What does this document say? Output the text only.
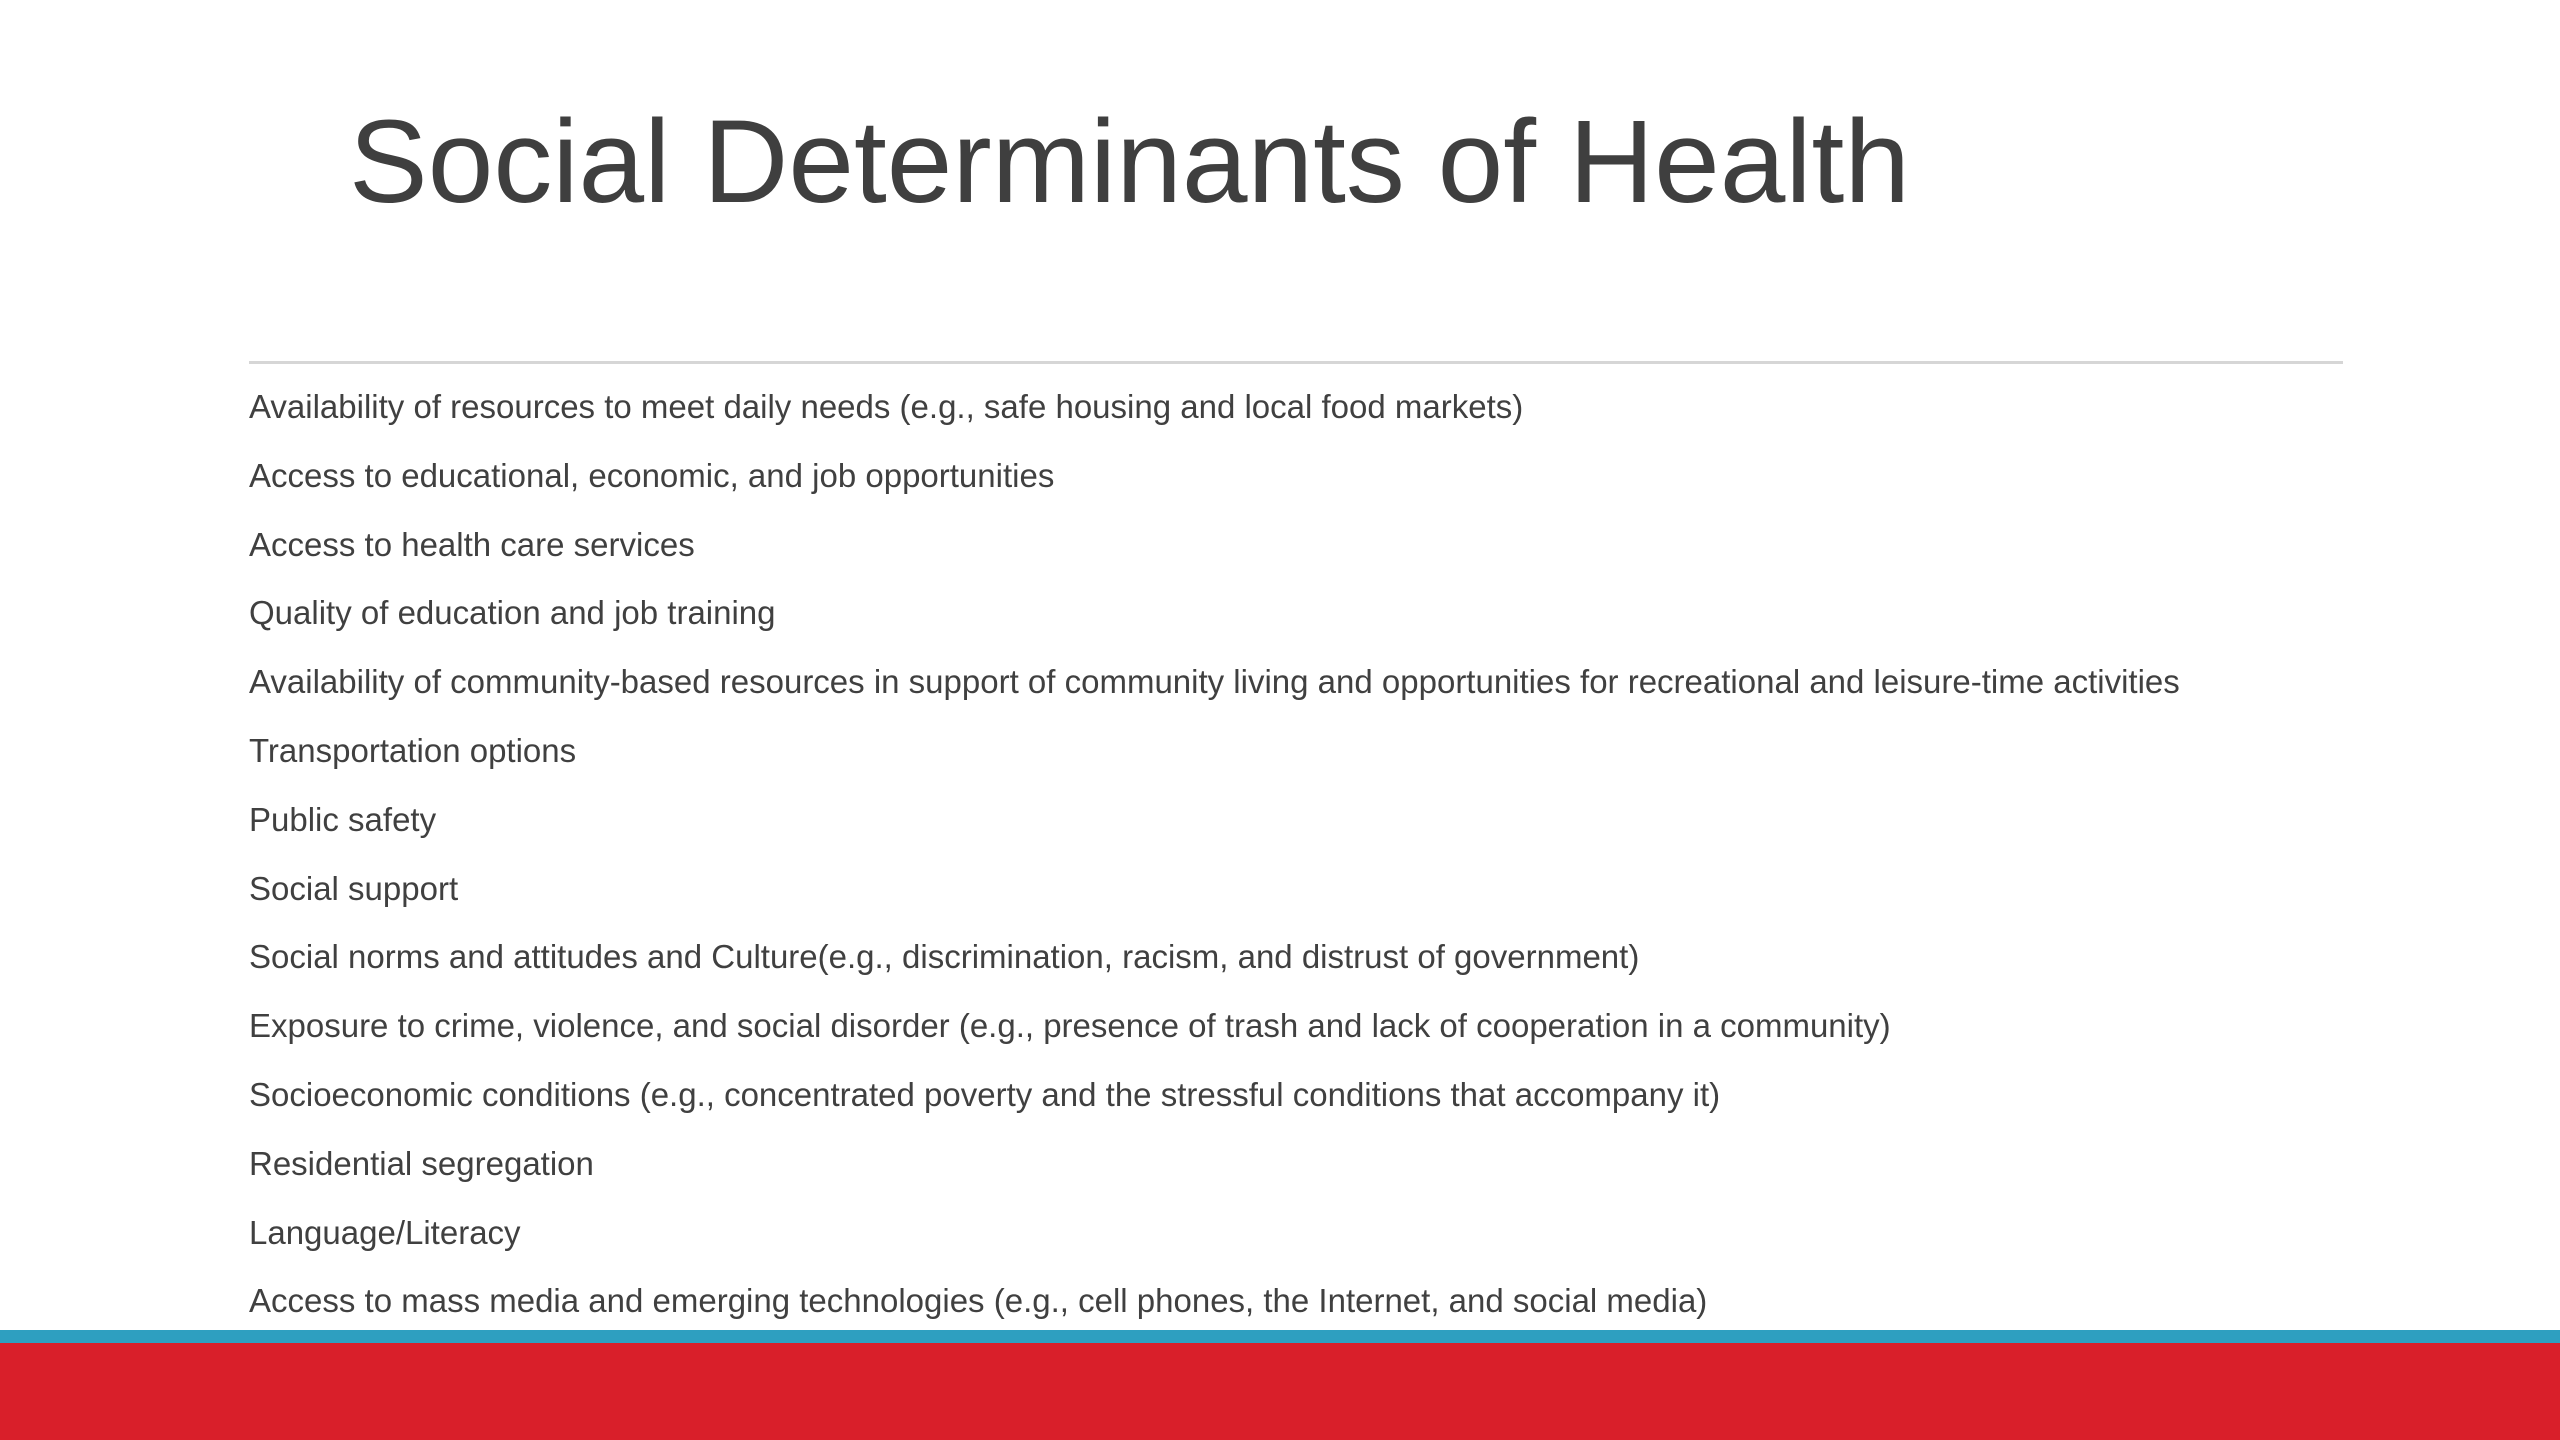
Social Determinants of Health
Availability of resources to meet daily needs (e.g., safe housing and local food markets)
Access to educational, economic, and job opportunities
Access to health care services
Quality of education and job training
Availability of community-based resources in support of community living and opportunities for recreational and leisure-time activities
Transportation options
Public safety
Social support
Social norms and attitudes and Culture(e.g., discrimination, racism, and distrust of government)
Exposure to crime, violence, and social disorder (e.g., presence of trash and lack of cooperation in a community)
Socioeconomic conditions (e.g., concentrated poverty and the stressful conditions that accompany it)
Residential segregation
Language/Literacy
Access to mass media and emerging technologies (e.g., cell phones, the Internet, and social media)
